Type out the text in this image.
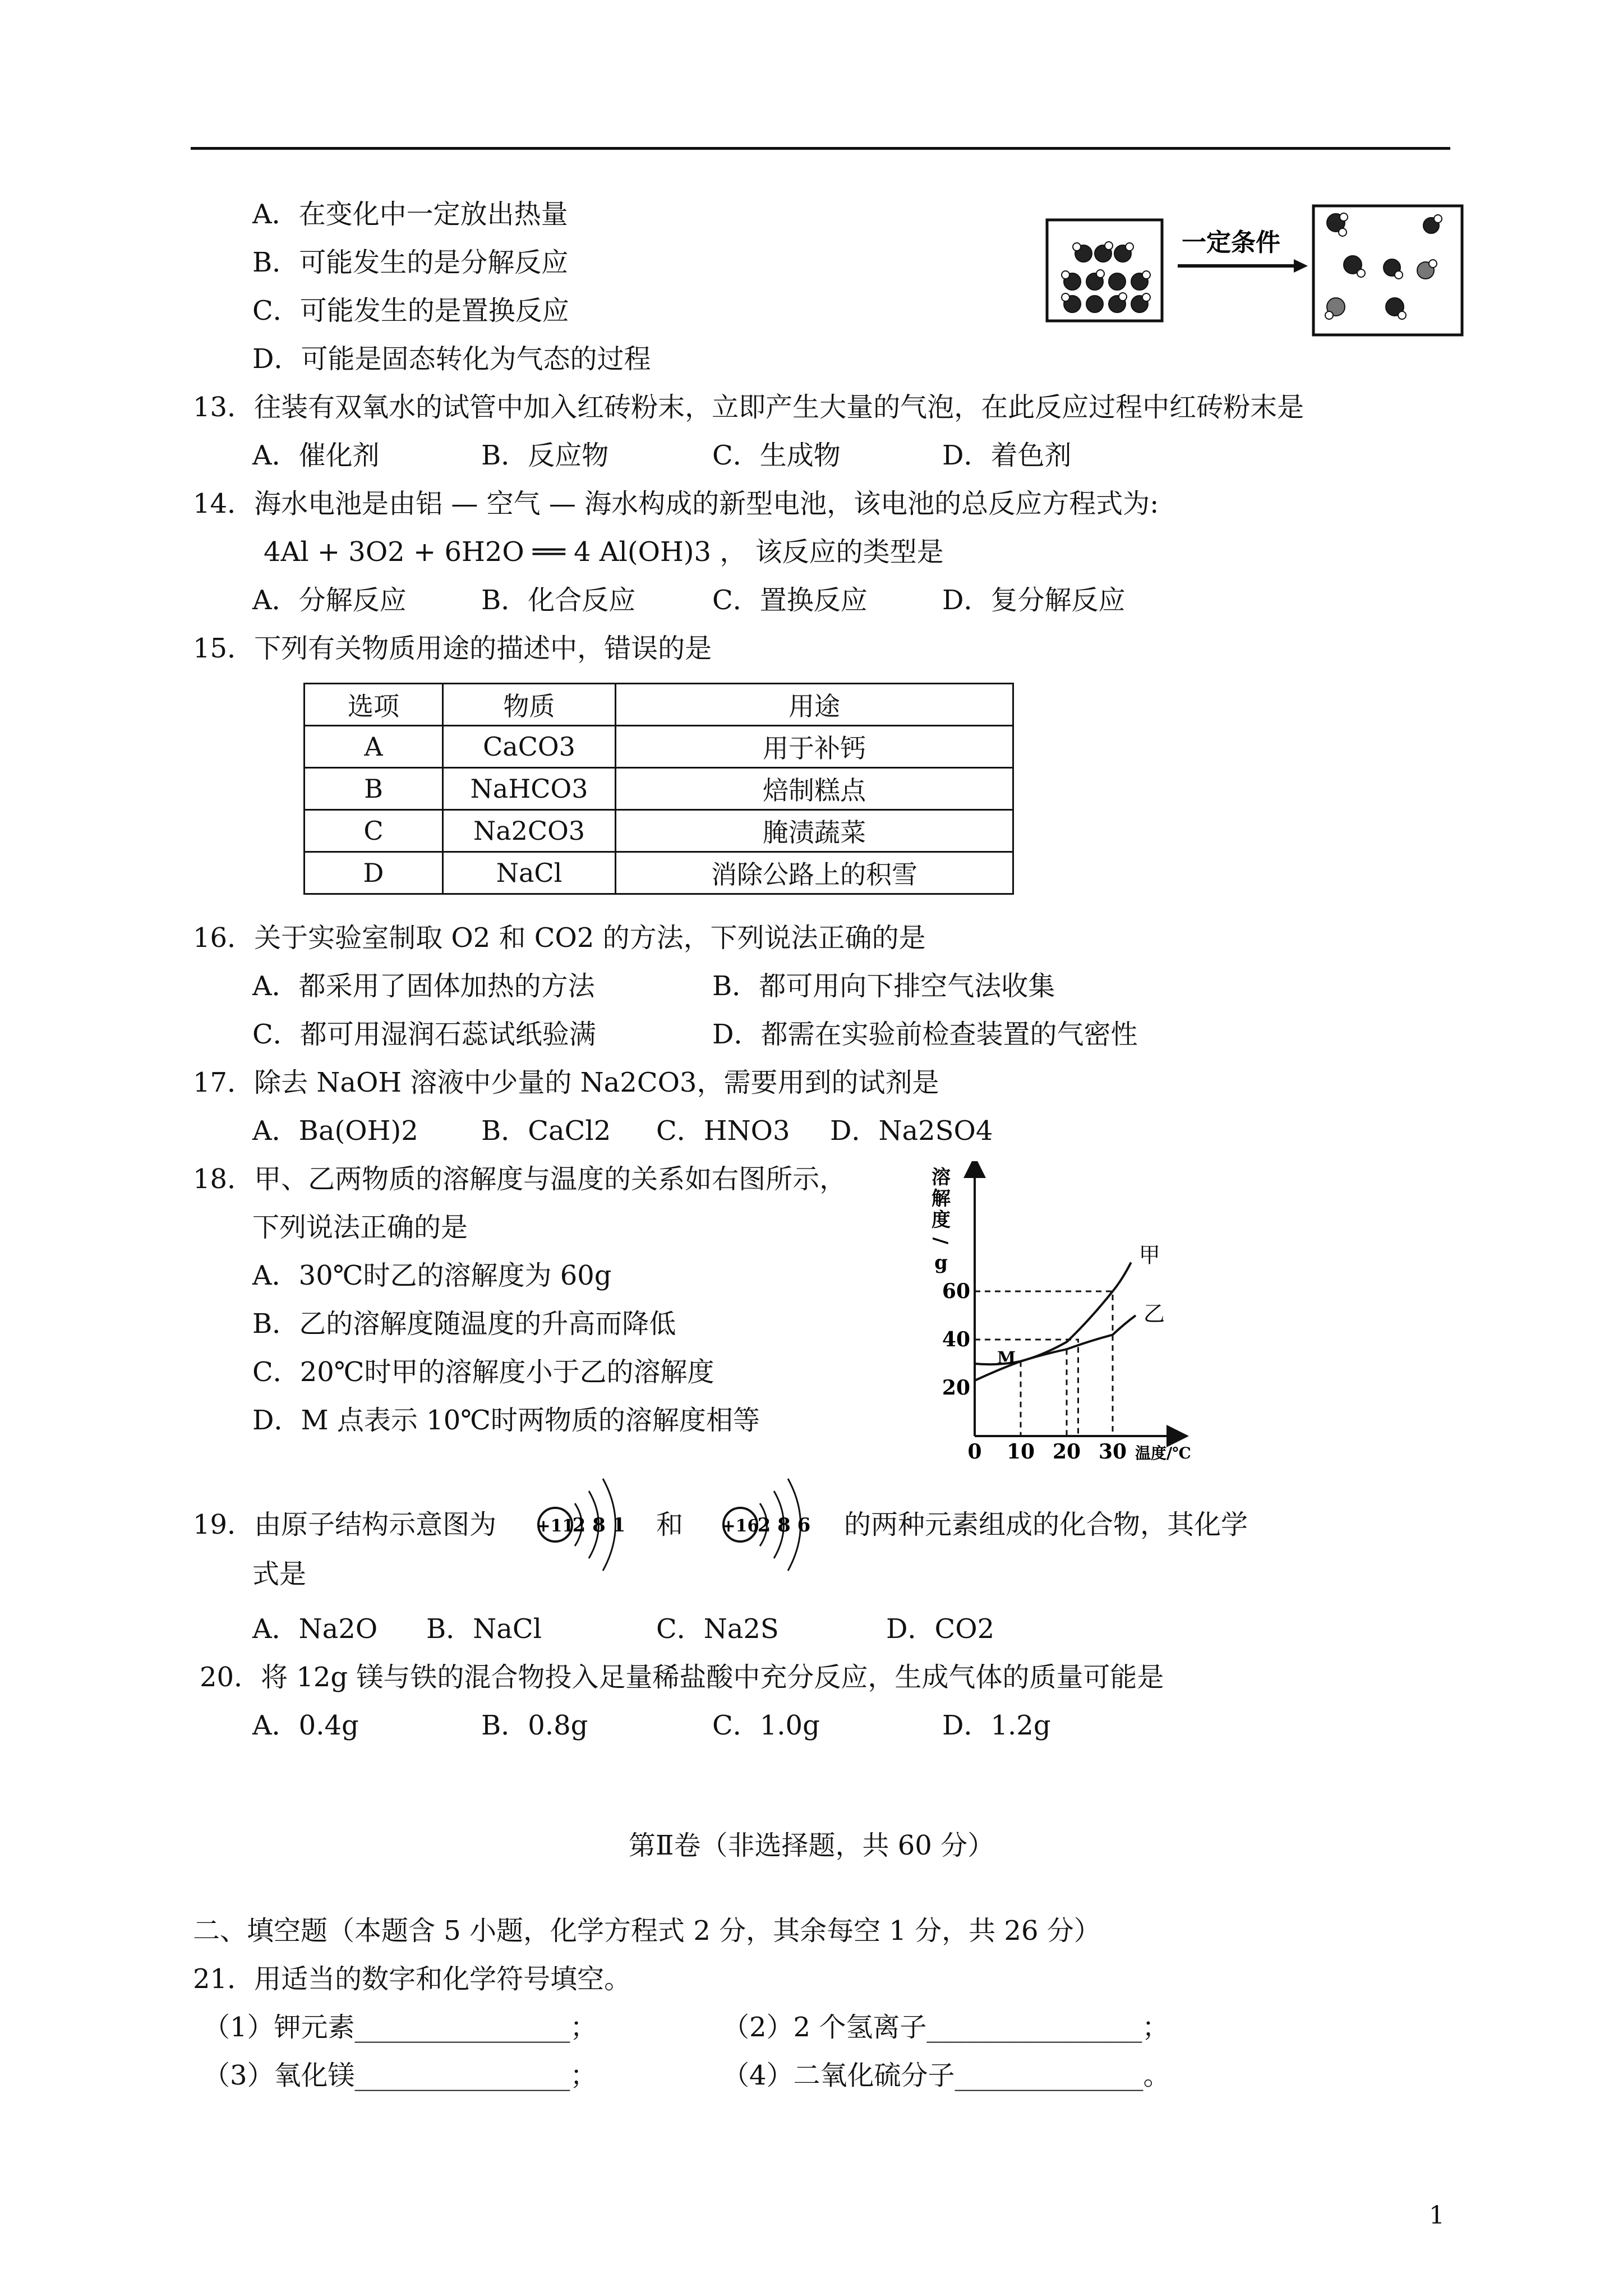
A．在变化中一定放出热量
B．可能发生的是分解反应
C．可能发生的是置换反应
D．可能是固态转化为气态的过程
一定条件
13．往装有双氧水的试管中加入红砖粉末，立即产生大量的气泡，在此反应过程中红砖粉末是
A．催化剂	B．反应物	C．生成物	D．着色剂
14．海水电池是由铝 — 空气 — 海水构成的新型电池，该电池的总反应方程式为:
4Al + 3O2 + 6H2O ══ 4 Al(OH)3 ， 该反应的类型是
A．分解反应	B．化合反应	C．置换反应	D．复分解反应
15．下列有关物质用途的描述中，错误的是
选项	物质	用途
A	CaCO3	用于补钙
B	NaHCO3	焙制糕点
C	Na2CO3	腌渍蔬菜
D	NaCl	消除公路上的积雪
16．关于实验室制取 O2 和 CO2 的方法，下列说法正确的是
A．都采用了固体加热的方法	B．都可用向下排空气法收集
C．都可用湿润石蕊试纸验满	D．都需在实验前检查装置的气密性
17．除去 NaOH 溶液中少量的 Na2CO3，需要用到的试剂是
A．Ba(OH)2 B．CaCl2 C．HNO3 D．Na2SO4
18．甲、乙两物质的溶解度与温度的关系如右图所示，
下列说法正确的是
A．30℃时乙的溶解度为 60g
B．乙的溶解度随温度的升高而降低
C．20℃时甲的溶解度小于乙的溶解度
D．M 点表示 10℃时两物质的溶解度相等
溶
解
度
/
g
0 10 20 30
20
40
60
温度/℃
甲
乙
M
19．由原子结构示意图为 +11
2 8 1 和 +16
2 8 6 的两种元素组成的化合物，其化学
式是
A．Na2O B．NaCl	C．Na2S	D．CO2
20．将 12g 镁与铁的混合物投入足量稀盐酸中充分反应，生成气体的质量可能是
A．0.4g	B．0.8g	C．1.0g	D．1.2g
第Ⅱ卷（非选择题，共 60 分）
二、填空题（本题含 5 小题，化学方程式 2 分，其余每空 1 分，共 26 分）
21．用适当的数字和化学符号填空。
（1）钾元素________________；	（2）2 个氢离子________________；
（3）氧化镁________________；	（4）二氧化硫分子______________。
1
